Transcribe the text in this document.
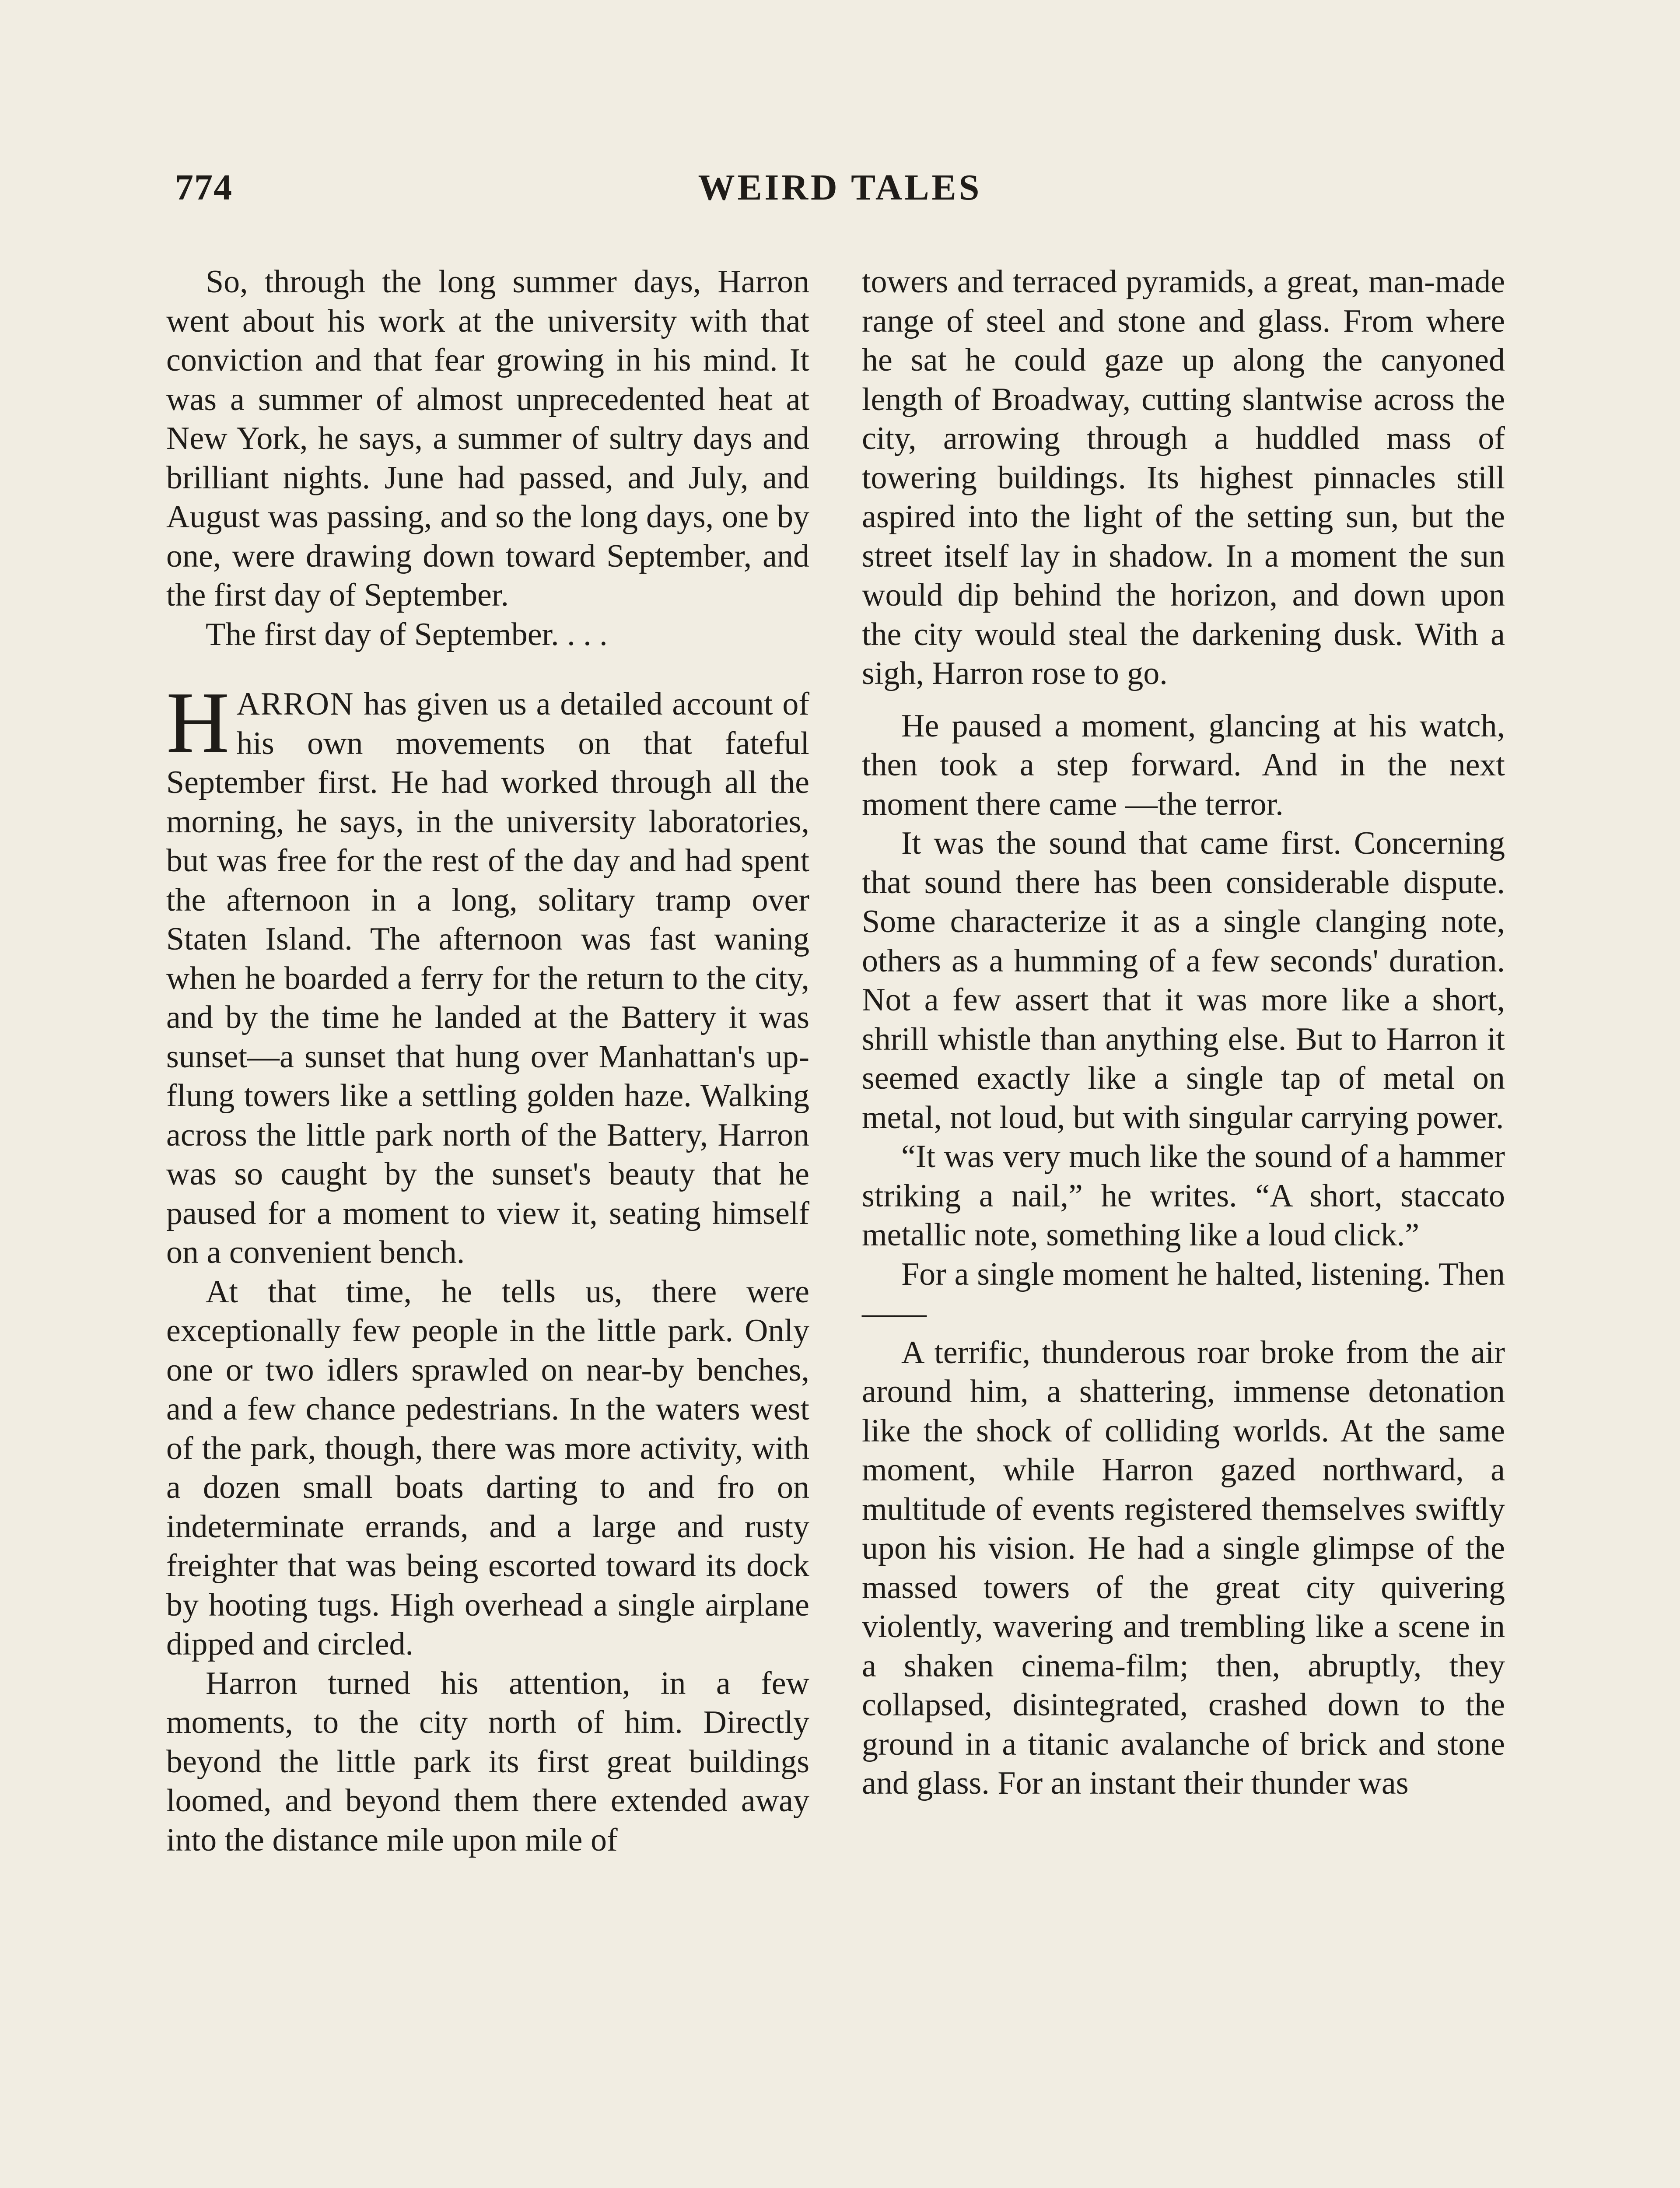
774	WEIRD TALES

So, through the long summer days, Harron went about his work at the university with that conviction and that fear growing in his mind. It was a summer of almost unprecedented heat at New York, he says, a summer of sultry days and brilliant nights. June had passed, and July, and August was passing, and so the long days, one by one, were drawing down toward September, and the first day of September.

The first day of September. . . .

HARRON has given us a detailed account of his own movements on that fateful September first. He had worked through all the morning, he says, in the university laboratories, but was free for the rest of the day and had spent the afternoon in a long, solitary tramp over Staten Island. The afternoon was fast waning when he boarded a ferry for the return to the city, and by the time he landed at the Battery it was sunset—a sunset that hung over Manhattan's up-flung towers like a settling golden haze. Walking across the little park north of the Battery, Harron was so caught by the sunset's beauty that he paused for a moment to view it, seating himself on a convenient bench.

At that time, he tells us, there were exceptionally few people in the little park. Only one or two idlers sprawled on near-by benches, and a few chance pedestrians. In the waters west of the park, though, there was more activity, with a dozen small boats darting to and fro on indeterminate errands, and a large and rusty freighter that was being escorted toward its dock by hooting tugs. High overhead a single airplane dipped and circled.

Harron turned his attention, in a few moments, to the city north of him. Directly beyond the little park its first great buildings loomed, and beyond them there extended away into the distance mile upon mile of

towers and terraced pyramids, a great, man-made range of steel and stone and glass. From where he sat he could gaze up along the canyoned length of Broadway, cutting slantwise across the city, arrowing through a huddled mass of towering buildings. Its highest pinnacles still aspired into the light of the setting sun, but the street itself lay in shadow. In a moment the sun would dip behind the horizon, and down upon the city would steal the darkening dusk. With a sigh, Harron rose to go.

He paused a moment, glancing at his watch, then took a step forward. And in the next moment there came —the terror.

It was the sound that came first. Concerning that sound there has been considerable dispute. Some characterize it as a single clanging note, others as a humming of a few seconds' duration. Not a few assert that it was more like a short, shrill whistle than anything else. But to Harron it seemed exactly like a single tap of metal on metal, not loud, but with singular carrying power.

“It was very much like the sound of a hammer striking a nail,” he writes. “A short, staccato metallic note, something like a loud click.”

For a single moment he halted, listening. Then——

A terrific, thunderous roar broke from the air around him, a shattering, immense detonation like the shock of colliding worlds. At the same moment, while Harron gazed northward, a multitude of events registered themselves swiftly upon his vision. He had a single glimpse of the massed towers of the great city quivering violently, wavering and trembling like a scene in a shaken cinema-film; then, abruptly, they collapsed, disintegrated, crashed down to the ground in a titanic avalanche of brick and stone and glass. For an instant their thunder was
